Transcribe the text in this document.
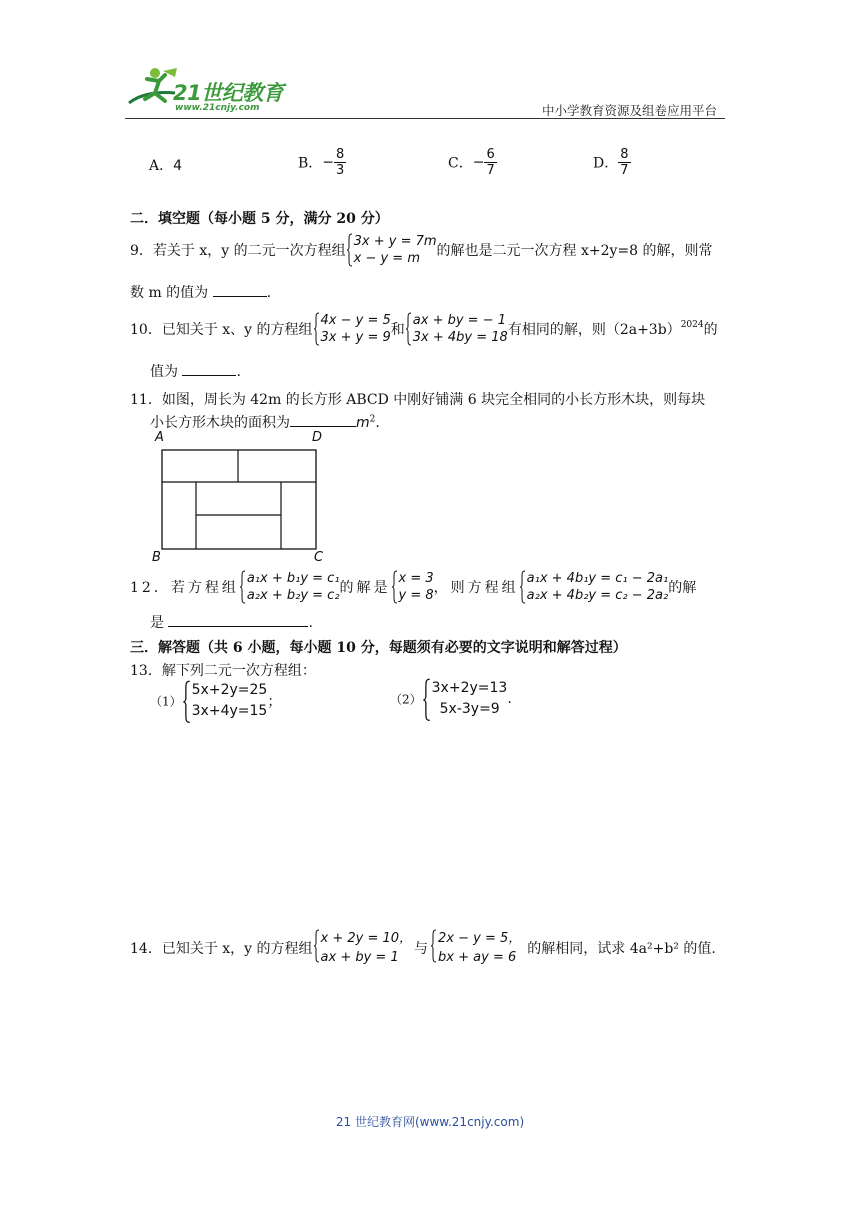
21世纪教育
www.21cnjy.com	中小学教育资源及组卷应用平台
A．4	B．− $\frac{8}{3}$	C．− $\frac{6}{7}$	D． $\frac{8}{7}$
二．填空题（每小题 5 分，满分 20 分）
9．若关于 x，y 的二元一次方程组
3x + y = 7m
x − y = m	的解也是二元一次方程 x+2y=8 的解，则常
数 m 的值为	.
10．已知关于 x、y 的方程组
4x − y = 5
3x + y = 9 和
ax + by = − 1
3x + 4by = 18 有相同的解，则$(2a+3b)^{2024}$的
值为	.
11．如图，周长为 42m 的长方形 ABCD 中刚好铺满 6 块完全相同的小长方形木块，则每块
小长方形木块的面积为	$m^2$.
A	D
B	C
12．若方程组
a₁x + b₁y = c₁
a₂x + b₂y = c₂ 的解是
x = 3
y = 8 ，则方程组
a₁x + 4b₁y = c₁ − 2a₁
a₂x + 4b₂y = c₂ − 2a₂ 的解
是	.
三．解答题（共 6 小题，每小题 10 分，每题须有必要的文字说明和解答过程）
13．解下列二元一次方程组：
（1）
5x+2y=25
3x+4y=15
；	（2）
3x+2y=13
5x-3y=9
.
14．已知关于 x，y 的方程组
x + 2y = 10，
ax + by = 1
与
2x − y = 5，
bx + ay = 6
的解相同，试求 4a²+b² 的值.
21 世纪教育网(www.21cnjy.com)
